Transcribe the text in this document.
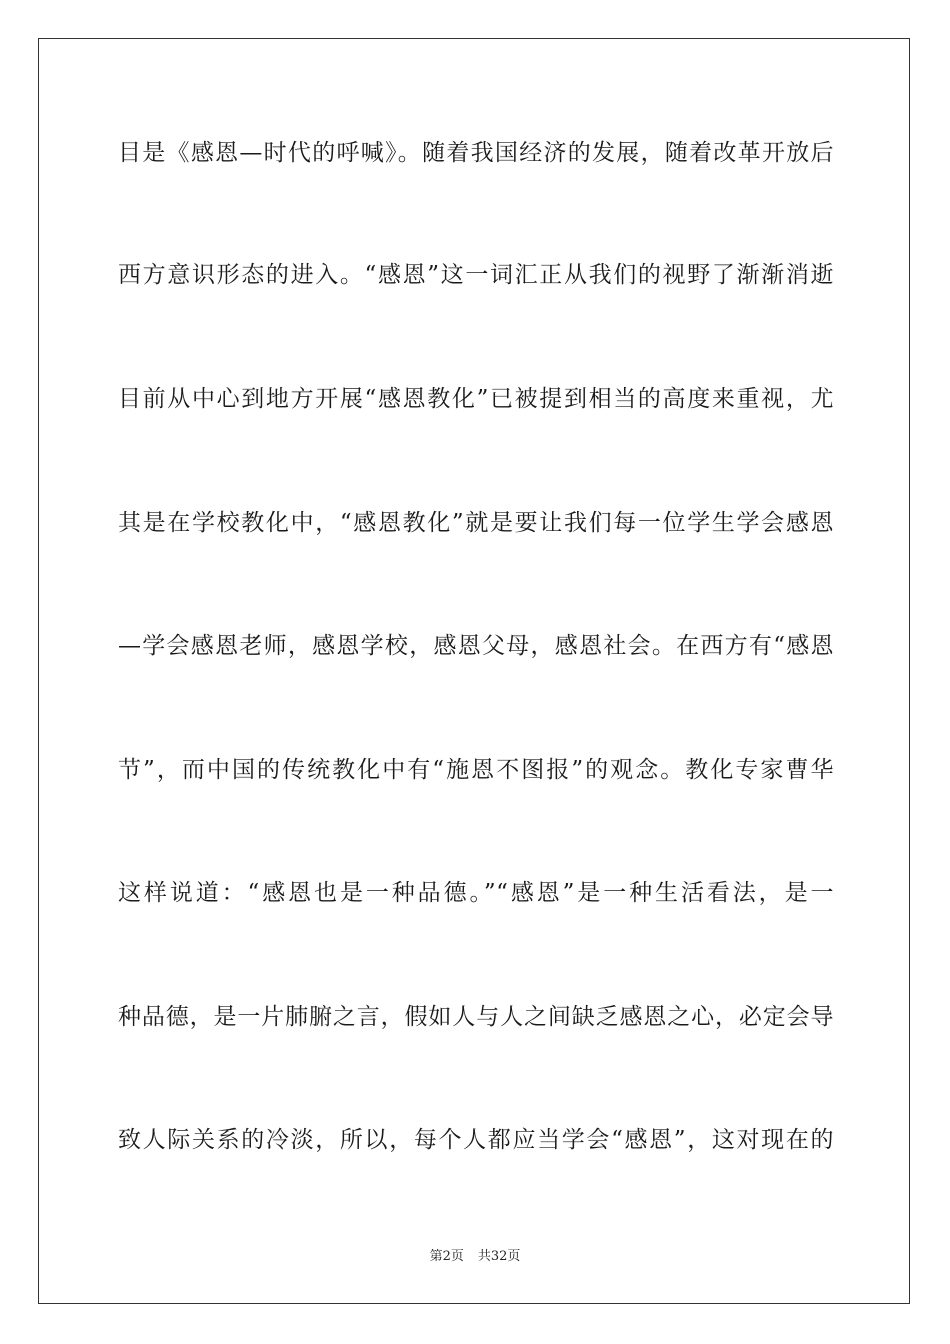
目是《感恩—时代的呼喊》。随着我国经济的发展，随着改革开放后
西方意识形态的进入。“感恩”这一词汇正从我们的视野了渐渐消逝
目前从中心到地方开展“感恩教化”已被提到相当的高度来重视，尤
其是在学校教化中，“感恩教化”就是要让我们每一位学生学会感恩
—学会感恩老师，感恩学校，感恩父母，感恩社会。在西方有“感恩
节”，而中国的传统教化中有“施恩不图报”的观念。教化专家曹华
这样说道：“感恩也是一种品德。”“感恩”是一种生活看法，是一
种品德，是一片肺腑之言，假如人与人之间缺乏感恩之心，必定会导
致人际关系的冷淡，所以，每个人都应当学会“感恩”，这对现在的
第2页 共32页
